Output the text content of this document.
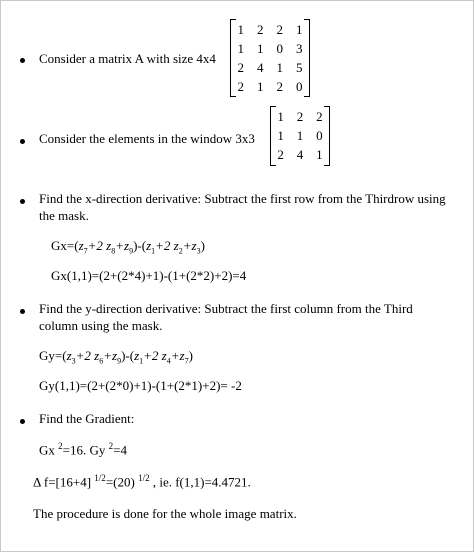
Consider a matrix A with size 4x4
1	2	2	1
1	1	0	3
2	4	1	5
2	1	2	0
Consider the elements in the window 3x3
1	2	2
1	1	0
2	4	1
Find the x-direction derivative: Subtract the first row from the Thirdrow using
the mask.
$Gx=(z_7+2$ $z_8+z_9)-(z_1+2$ $z_2+z_3$)
Gx(1,1)=(2+(2*4)+1)-(1+(2*2)+2)=4
Find the y-direction derivative: Subtract the first column from the Third
column using the mask.
$Gy=(z_3+2$ $z_6+z_9)-(z_1+2$ $z_4+z_7$)
Gy(1,1)=(2+(2*0)+1)-(1+(2*1)+2)= -2
Find the Gradient:
Gx $^2$=16. Gy $^2$=4
Δ f=[16+4] $^{1/2}$=(20) $^{1/2}$ , ie. f(1,1)=4.4721.
The procedure is done for the whole image matrix.
